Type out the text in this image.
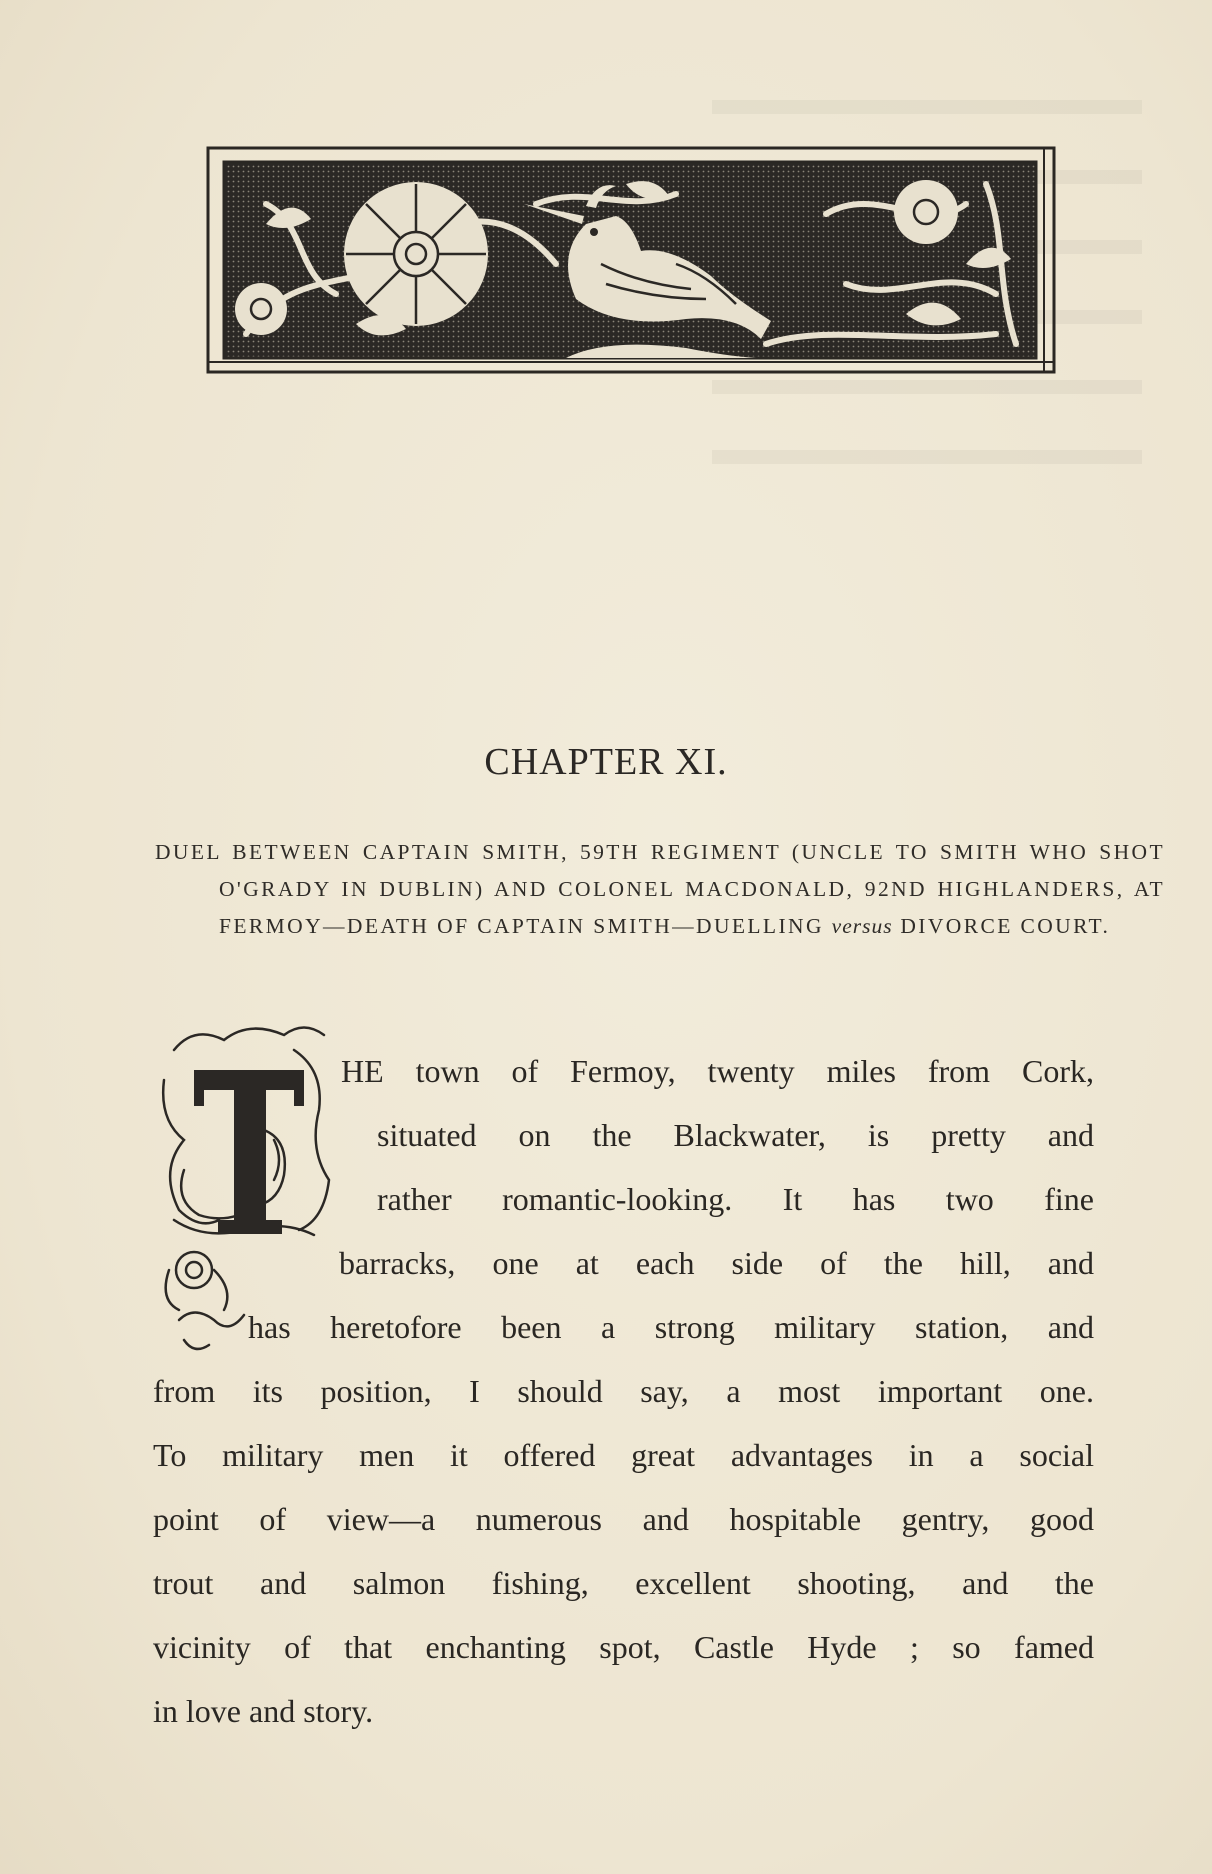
CHAPTER XI.
DUEL BETWEEN CAPTAIN SMITH, 59TH REGIMENT (UNCLE TO SMITH WHO SHOT O'GRADY IN DUBLIN) AND COLONEL MACDONALD, 92ND HIGHLANDERS, AT FERMOY—DEATH OF CAPTAIN SMITH—DUELLING versus DIVORCE COURT.
T
HE town of Fermoy, twenty miles from Cork,
situated on the Blackwater, is pretty and
rather romantic-looking. It has two fine
barracks, one at each side of the hill, and
has heretofore been a strong military station, and
from its position, I should say, a most important one.
To military men it offered great advantages in a social
point of view—a numerous and hospitable gentry, good
trout and salmon fishing, excellent shooting, and the
vicinity of that enchanting spot, Castle Hyde ; so famed
in love and story.
